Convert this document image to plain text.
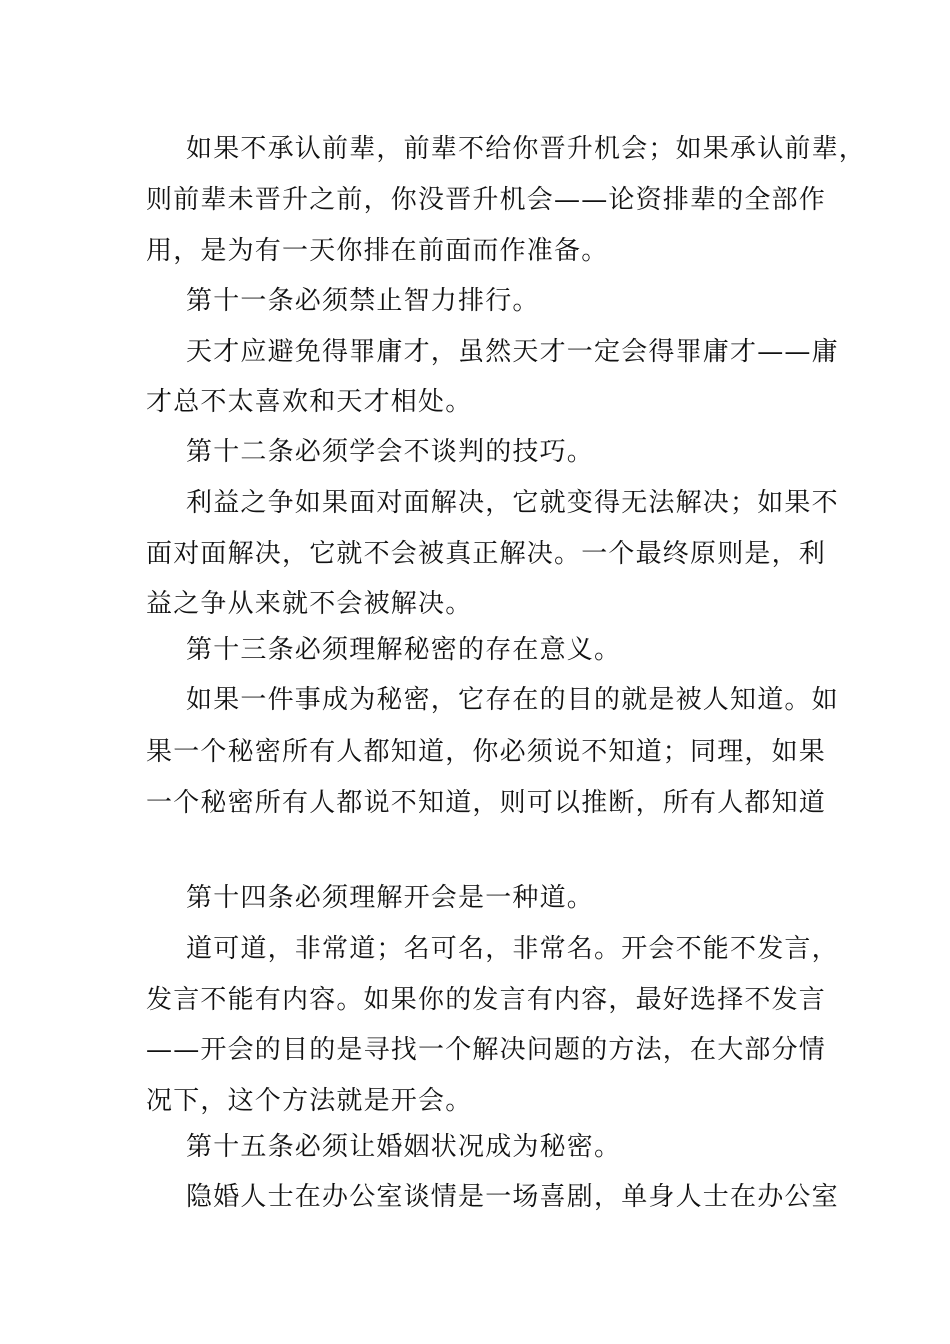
如果不承认前辈，前辈不给你晋升机会；如果承认前辈，
则前辈未晋升之前，你没晋升机会——论资排辈的全部作
用，是为有一天你排在前面而作准备。
第十一条必须禁止智力排行。
天才应避免得罪庸才，虽然天才一定会得罪庸才——庸
才总不太喜欢和天才相处。
第十二条必须学会不谈判的技巧。
利益之争如果面对面解决，它就变得无法解决；如果不
面对面解决，它就不会被真正解决。一个最终原则是，利
益之争从来就不会被解决。
第十三条必须理解秘密的存在意义。
如果一件事成为秘密，它存在的目的就是被人知道。如
果一个秘密所有人都知道，你必须说不知道；同理，如果
一个秘密所有人都说不知道，则可以推断，所有人都知道
第十四条必须理解开会是一种道。
道可道，非常道；名可名，非常名。开会不能不发言，
发言不能有内容。如果你的发言有内容，最好选择不发言
——开会的目的是寻找一个解决问题的方法，在大部分情
况下，这个方法就是开会。
第十五条必须让婚姻状况成为秘密。
隐婚人士在办公室谈情是一场喜剧，单身人士在办公室
